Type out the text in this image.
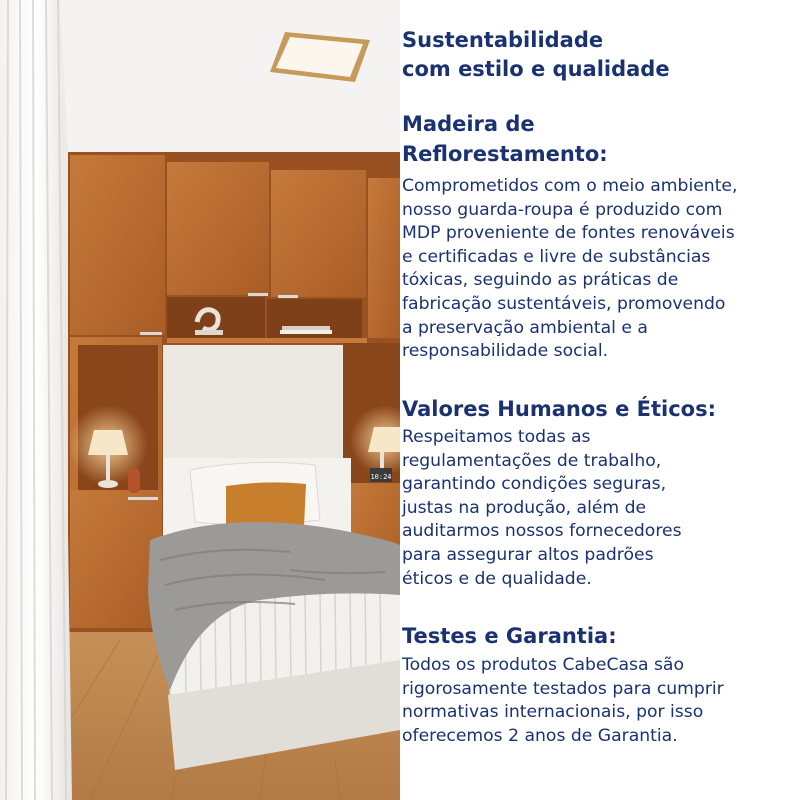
10:24
Sustentabilidade
com estilo e qualidade
Madeira de
Reflorestamento:

Comprometidos com o meio ambiente,
nosso guarda-roupa é produzido com
MDP proveniente de fontes renováveis
e certificadas e livre de substâncias
tóxicas, seguindo as práticas de
fabricação sustentáveis, promovendo
a preservação ambiental e a
responsabilidade social.

Valores Humanos e Éticos:

Respeitamos todas as
regulamentações de trabalho,
garantindo condições seguras,
justas na produção, além de
auditarmos nossos fornecedores
para assegurar altos padrões
éticos e de qualidade.

Testes e Garantia:

Todos os produtos CabeCasa são
rigorosamente testados para cumprir
normativas internacionais, por isso
oferecemos 2 anos de Garantia.
